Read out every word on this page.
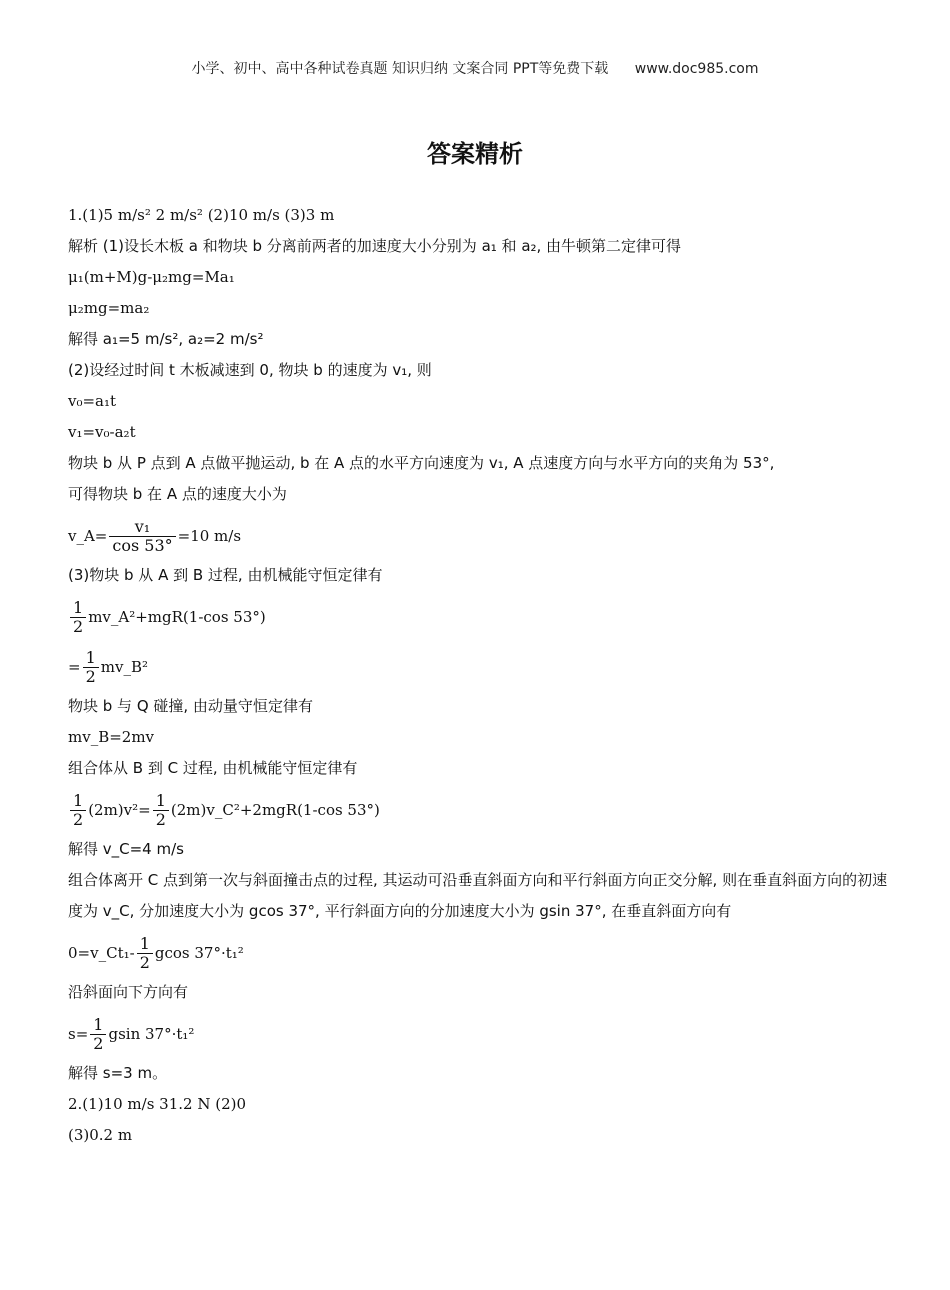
小学、初中、高中各种试卷真题 知识归纳 文案合同 PPT等免费下载 www.doc985.com
答案精析
1.(1)5 m/s² 2 m/s² (2)10 m/s (3)3 m
解析 (1)设长木板 a 和物块 b 分离前两者的加速度大小分别为 a₁ 和 a₂, 由牛顿第二定律可得
μ₁(m+M)g-μ₂mg=Ma₁
μ₂mg=ma₂
解得 a₁=5 m/s², a₂=2 m/s²
(2)设经过时间 t 木板减速到 0, 物块 b 的速度为 v₁, 则
v₀=a₁t
v₁=v₀-a₂t
物块 b 从 P 点到 A 点做平抛运动, b 在 A 点的水平方向速度为 v₁, A 点速度方向与水平方向的夹角为 53°,
可得物块 b 在 A 点的速度大小为
v_A= $\frac{\text{v₁}}{\cos 53^\circ} =10$ m/s
(3)物块 b 从 A 到 B 过程, 由机械能守恒定律有
$\frac{1}{2}$ mv_A²+mgR(1-cos 53°)
= $\frac{1}{2}$ mv_B²
物块 b 与 Q 碰撞, 由动量守恒定律有
mv_B=2mv
组合体从 B 到 C 过程, 由机械能守恒定律有
$\frac{1}{2} (2m)v^2= \frac{1}{2}$ (2m)v_C²+2mgR(1-cos 53°)
解得 v_C=4 m/s
组合体离开 C 点到第一次与斜面撞击点的过程, 其运动可沿垂直斜面方向和平行斜面方向正交分解, 则在垂直斜面方向的初速度为 v_C, 分加速度大小为 gcos 37°, 平行斜面方向的分加速度大小为 gsin 37°, 在垂直斜面方向有
0=v_Ct₁- $\frac{1}{2}$ gcos 37°·t₁²
沿斜面向下方向有
$s= \frac{1}{2}$ gsin 37°·t₁²
解得 s=3 m。
2.(1)10 m/s 31.2 N (2)0
(3)0.2 m
